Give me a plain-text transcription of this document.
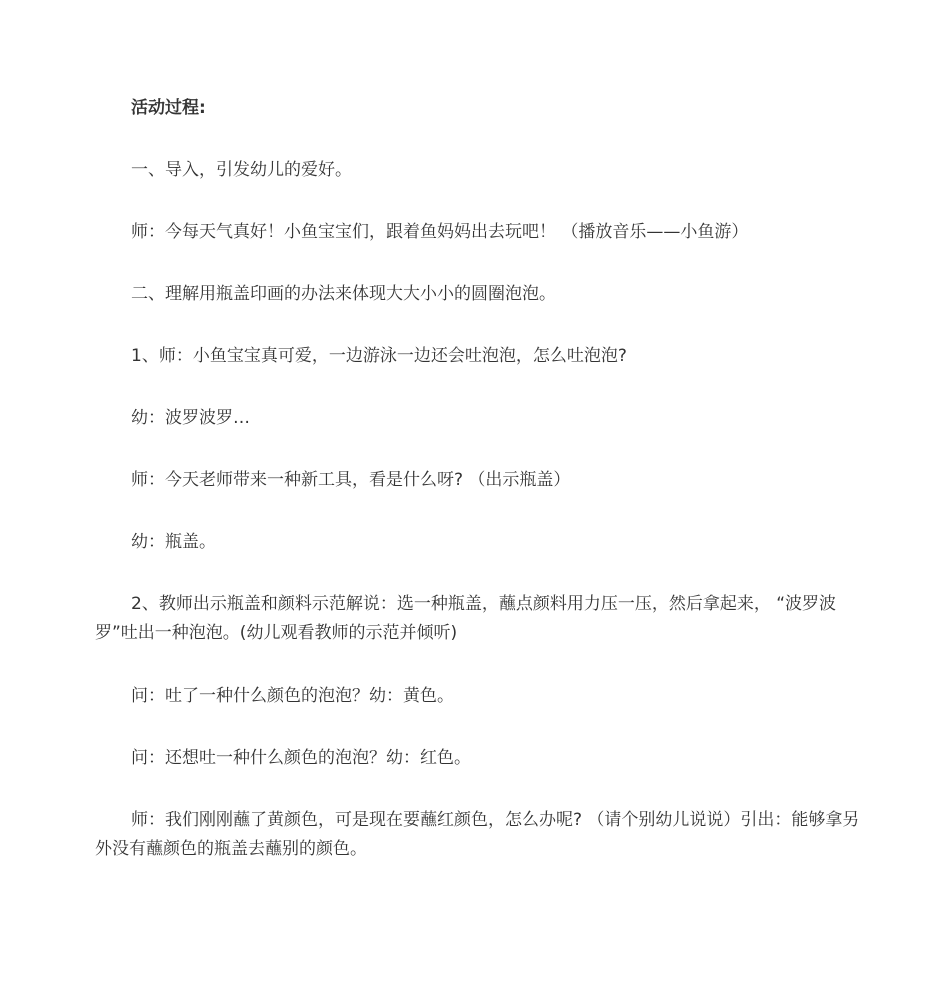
活动过程:

一、导入，引发幼儿的爱好。

师：今每天气真好！小鱼宝宝们，跟着鱼妈妈出去玩吧！ （播放音乐——小鱼游）

二、理解用瓶盖印画的办法来体现大大小小的圆圈泡泡。

1、师：小鱼宝宝真可爱，一边游泳一边还会吐泡泡，怎么吐泡泡?

幼：波罗波罗…

师：今天老师带来一种新工具，看是什么呀? （出示瓶盖）

幼：瓶盖。

2、教师出示瓶盖和颜料示范解说：选一种瓶盖，蘸点颜料用力压一压，然后拿起来， “波罗波罗”吐出一种泡泡。(幼儿观看教师的示范并倾听)

问：吐了一种什么颜色的泡泡？幼：黄色。

问：还想吐一种什么颜色的泡泡？幼：红色。

师：我们刚刚蘸了黄颜色，可是现在要蘸红颜色，怎么办呢? （请个别幼儿说说）引出：能够拿另外没有蘸颜色的瓶盖去蘸别的颜色。
